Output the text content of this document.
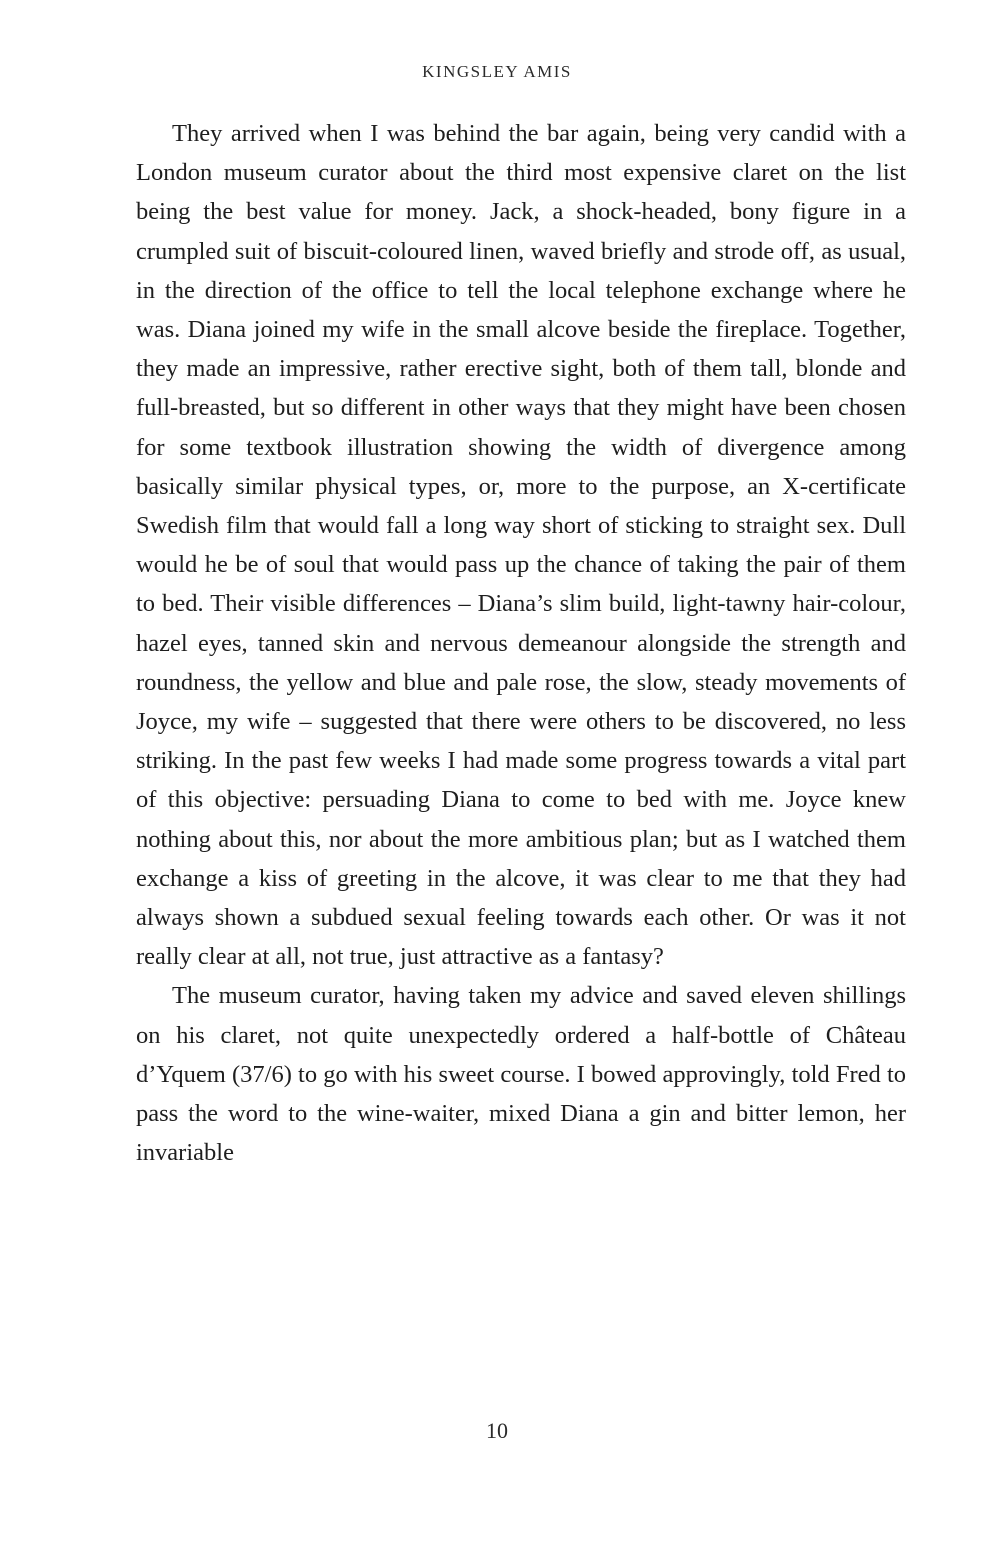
KINGSLEY AMIS

They arrived when I was behind the bar again, being very candid with a London museum curator about the third most expensive claret on the list being the best value for money. Jack, a shock-headed, bony figure in a crumpled suit of biscuit-coloured linen, waved briefly and strode off, as usual, in the direction of the office to tell the local telephone exchange where he was. Diana joined my wife in the small alcove beside the fireplace. Together, they made an impressive, rather erective sight, both of them tall, blonde and full-breasted, but so different in other ways that they might have been chosen for some textbook illustration showing the width of divergence among basically similar physical types, or, more to the purpose, an X-certificate Swedish film that would fall a long way short of sticking to straight sex. Dull would he be of soul that would pass up the chance of taking the pair of them to bed. Their visible differences – Diana’s slim build, light-tawny hair-colour, hazel eyes, tanned skin and nervous demeanour alongside the strength and roundness, the yellow and blue and pale rose, the slow, steady movements of Joyce, my wife – suggested that there were others to be discovered, no less striking. In the past few weeks I had made some progress towards a vital part of this objective: persuading Diana to come to bed with me. Joyce knew nothing about this, nor about the more ambitious plan; but as I watched them exchange a kiss of greeting in the alcove, it was clear to me that they had always shown a subdued sexual feeling towards each other. Or was it not really clear at all, not true, just attractive as a fantasy?

The museum curator, having taken my advice and saved eleven shillings on his claret, not quite unexpectedly ordered a half-bottle of Château d’Yquem (37/6) to go with his sweet course. I bowed approvingly, told Fred to pass the word to the wine-waiter, mixed Diana a gin and bitter lemon, her invariable

10
